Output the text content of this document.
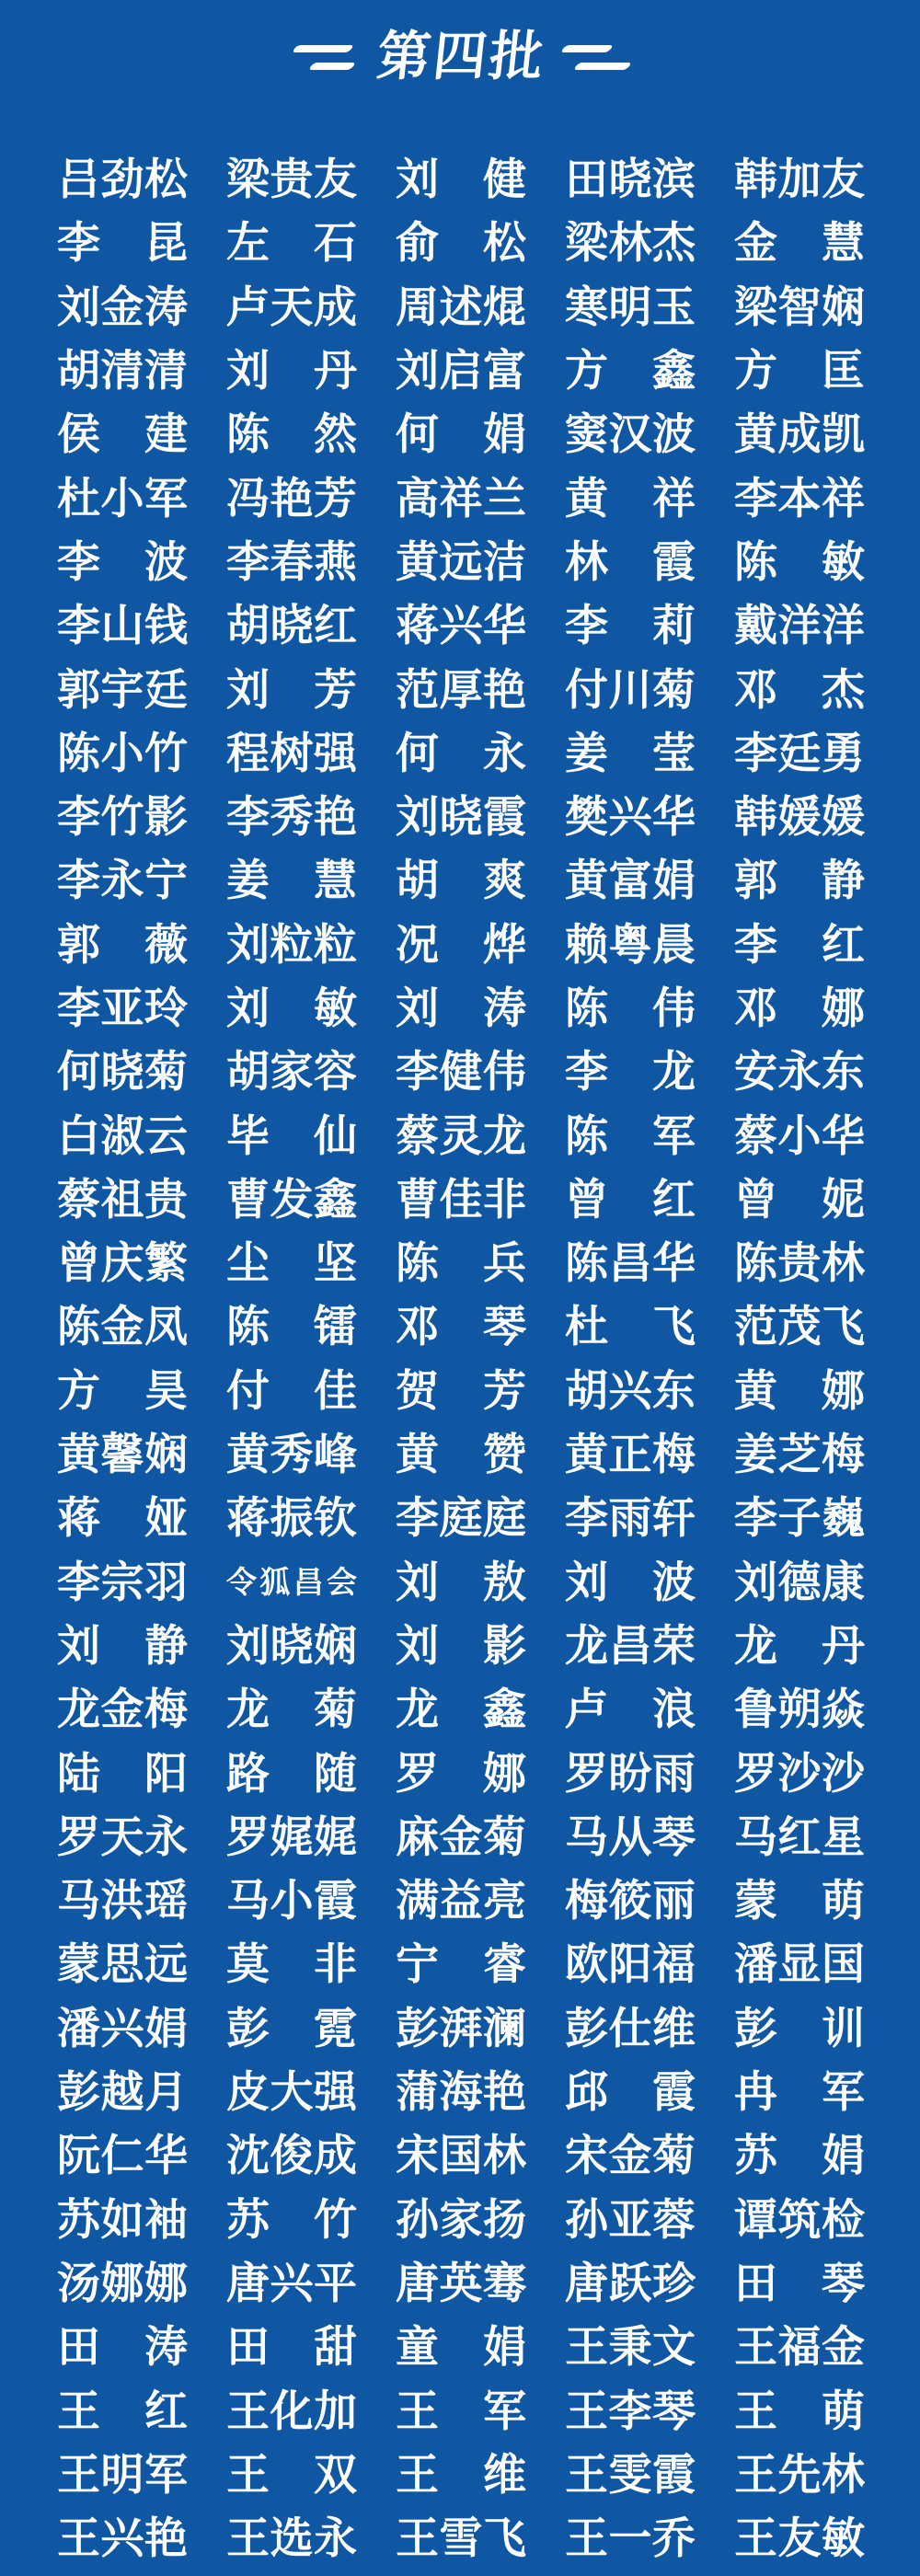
第四批
吕 劲 松 梁 贵 友 刘 健 田 晓 滨 韩 加 友
李 昆 左 石 俞 松 梁 林 杰 金 慧
刘 金 涛 卢 天 成 周 述 焜 寒 明 玉 梁 智 娴
胡 清 清 刘 丹 刘 启 富 方 鑫 方 匡
侯 建 陈 然 何 娟 窦 汉 波 黄 成 凯
杜 小 军 冯 艳 芳 高 祥 兰 黄 祥 李 本 祥
李 波 李 春 燕 黄 远 洁 林 霞 陈 敏
李 山 钱 胡 晓 红 蒋 兴 华 李 莉 戴 洋 洋
郭 宇 廷 刘 芳 范 厚 艳 付 川 菊 邓 杰
陈 小 竹 程 树 强 何 永 姜 莹 李 廷 勇
李 竹 影 李 秀 艳 刘 晓 霞 樊 兴 华 韩 媛 媛
李 永 宁 姜 慧 胡 爽 黄 富 娟 郭 静
郭 薇 刘 粒 粒 况 烨 赖 粤 晨 李 红
李 亚 玲 刘 敏 刘 涛 陈 伟 邓 娜
何 晓 菊 胡 家 容 李 健 伟 李 龙 安 永 东
白 淑 云 毕 仙 蔡 灵 龙 陈 军 蔡 小 华
蔡 祖 贵 曹 发 鑫 曹 佳 非 曾 红 曾 妮
曾 庆 繁 尘 坚 陈 兵 陈 昌 华 陈 贵 林
陈 金 凤 陈 镭 邓 琴 杜 飞 范 茂 飞
方 昊 付 佳 贺 芳 胡 兴 东 黄 娜
黄 馨 娴 黄 秀 峰 黄 赞 黄 正 梅 姜 芝 梅
蒋 娅 蒋 振 钦 李 庭 庭 李 雨 轩 李 子 巍
李 宗 羽 令 狐 昌 会 刘 敖 刘 波 刘 德 康
刘 静 刘 晓 娴 刘 影 龙 昌 荣 龙 丹
龙 金 梅 龙 菊 龙 鑫 卢 浪 鲁 朔 焱
陆 阳 路 随 罗 娜 罗 盼 雨 罗 沙 沙
罗 天 永 罗 娓 娓 麻 金 菊 马 从 琴 马 红 星
马 洪 瑶 马 小 霞 满 益 亮 梅 筱 丽 蒙 萌
蒙 思 远 莫 非 宁 睿 欧 阳 福 潘 显 国
潘 兴 娟 彭 霓 彭 湃 澜 彭 仕 维 彭 训
彭 越 月 皮 大 强 蒲 海 艳 邱 霞 冉 军
阮 仁 华 沈 俊 成 宋 国 林 宋 金 菊 苏 娟
苏 如 袖 苏 竹 孙 家 扬 孙 亚 蓉 谭 筑 检
汤 娜 娜 唐 兴 平 唐 英 骞 唐 跃 珍 田 琴
田 涛 田 甜 童 娟 王 秉 文 王 福 金
王 红 王 化 加 王 军 王 李 琴 王 萌
王 明 军 王 双 王 维 王 雯 霞 王 先 林
王 兴 艳 王 选 永 王 雪 飞 王 一 乔 王 友 敏
